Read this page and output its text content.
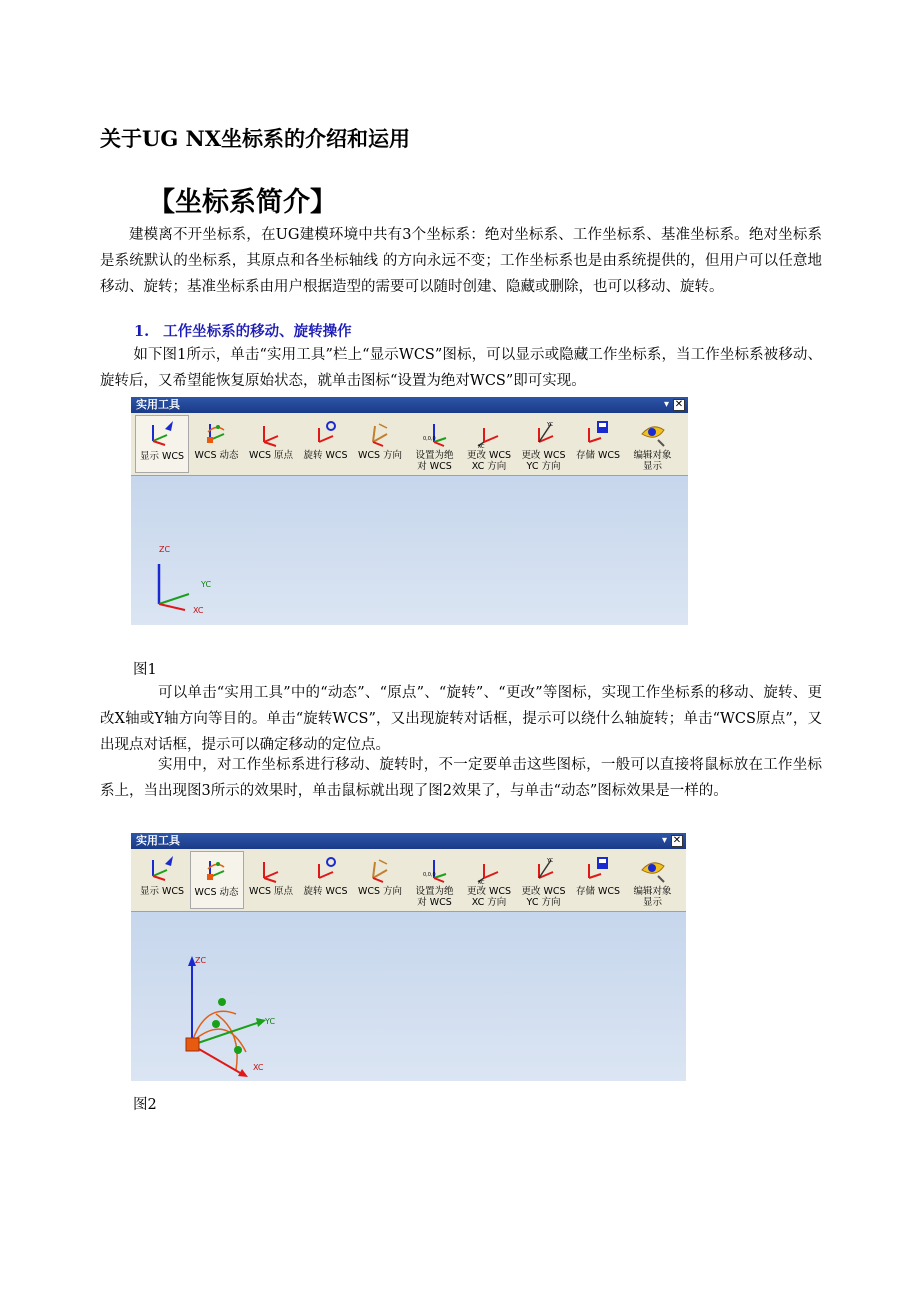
关于UG NX坐标系的介绍和运用
【坐标系简介】
建模离不开坐标系，在UG建模环境中共有3个坐标系：绝对坐标系、工作坐标系、基准坐标系。绝对坐标系是系统默认的坐标系，其原点和各坐标轴线 的方向永远不变；工作坐标系也是由系统提供的，但用户可以任意地移动、旋转；基准坐标系由用户根据造型的需要可以随时创建、隐藏或删除，也可以移动、旋转。
1. 工作坐标系的移动、旋转操作
如下图1所示，单击“实用工具”栏上“显示WCS”图标，可以显示或隐藏工作坐标系，当工作坐标系被移动、旋转后，又希望能恢复原始状态，就单击图标“设置为绝对WCS”即可实现。
实用工具	▾ ✕
显示 WCS	WCS 动态	WCS 原点	旋转 WCS	WCS 方向
0,0,0
设置为绝
对 WCS
XC
更改 WCS
XC 方向
YC
更改 WCS
YC 方向
存储 WCS	编辑对象
显示
ZC
YC
XC
图1
可以单击“实用工具”中的“动态”、“原点”、“旋转”、“更改”等图标，实现工作坐标系的移动、旋转、更改X轴或Y轴方向等目的。单击“旋转WCS”，又出现旋转对话框，提示可以绕什么轴旋转；单击“WCS原点”，又出现点对话框，提示可以确定移动的定位点。
实用中，对工作坐标系进行移动、旋转时，不一定要单击这些图标，一般可以直接将鼠标放在工作坐标系上，当出现图3所示的效果时，单击鼠标就出现了图2效果了，与单击“动态”图标效果是一样的。
实用工具	▾ ✕
显示 WCS	WCS 动态	WCS 原点	旋转 WCS	WCS 方向
0,0,0
设置为绝
对 WCS
XC
更改 WCS
XC 方向
YC
更改 WCS
YC 方向
存储 WCS	编辑对象
显示
ZC
YC
XC
图2
